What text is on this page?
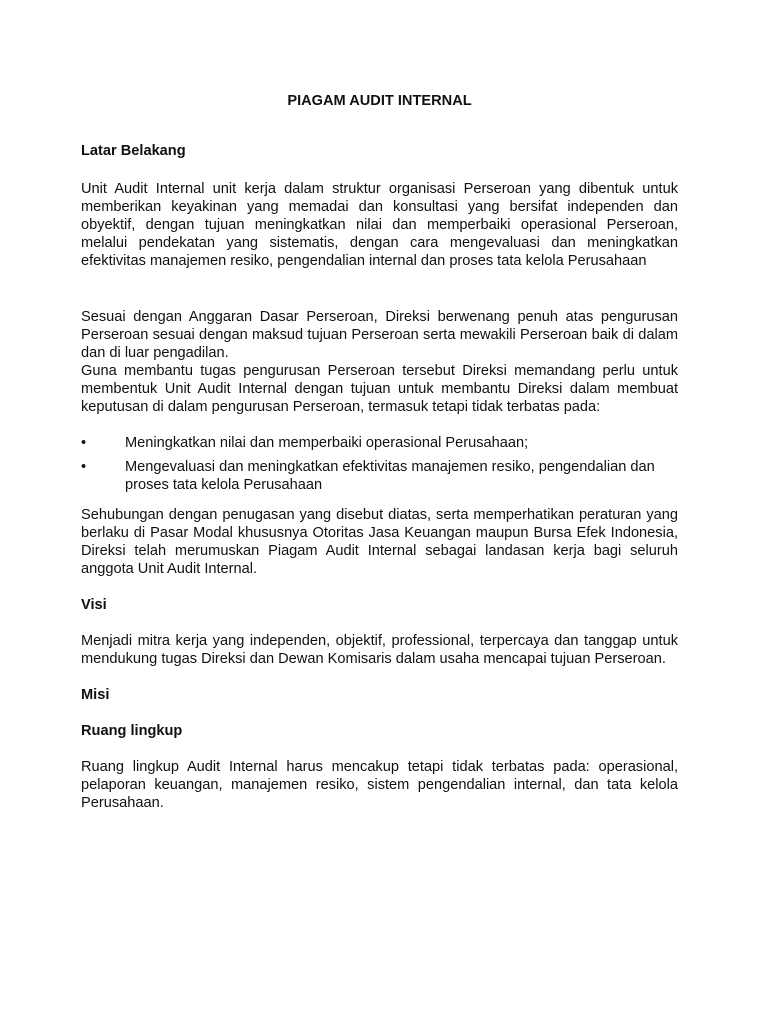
PIAGAM AUDIT INTERNAL
Latar Belakang

Unit Audit Internal unit kerja dalam struktur organisasi Perseroan yang dibentuk untuk memberikan keyakinan yang memadai dan konsultasi yang bersifat independen dan obyektif, dengan tujuan meningkatkan nilai dan memperbaiki operasional Perseroan, melalui pendekatan yang sistematis, dengan cara mengevaluasi dan meningkatkan efektivitas manajemen resiko, pengendalian internal dan proses tata kelola Perusahaan

Sesuai dengan Anggaran Dasar Perseroan, Direksi berwenang penuh atas pengurusan Perseroan sesuai dengan maksud tujuan Perseroan serta mewakili Perseroan baik di dalam dan di luar pengadilan.

Guna membantu tugas pengurusan Perseroan tersebut Direksi memandang perlu untuk membentuk Unit Audit Internal dengan tujuan untuk membantu Direksi dalam membuat keputusan di dalam pengurusan Perseroan, termasuk tetapi tidak terbatas pada:

•	Meningkatkan nilai dan memperbaiki operasional Perusahaan;
•	Mengevaluasi dan meningkatkan efektivitas manajemen resiko, pengendalian dan proses tata kelola Perusahaan

Sehubungan dengan penugasan yang disebut diatas, serta memperhatikan peraturan yang berlaku di Pasar Modal khususnya Otoritas Jasa Keuangan maupun Bursa Efek Indonesia, Direksi telah merumuskan Piagam Audit Internal sebagai landasan kerja bagi seluruh anggota Unit Audit Internal.

Visi

Menjadi mitra kerja yang independen, objektif, professional, terpercaya dan tanggap untuk mendukung tugas Direksi dan Dewan Komisaris dalam usaha mencapai tujuan Perseroan.

Misi
Ruang lingkup

Ruang lingkup Audit Internal harus mencakup tetapi tidak terbatas pada: operasional, pelaporan keuangan, manajemen resiko, sistem pengendalian internal, dan tata kelola Perusahaan.
